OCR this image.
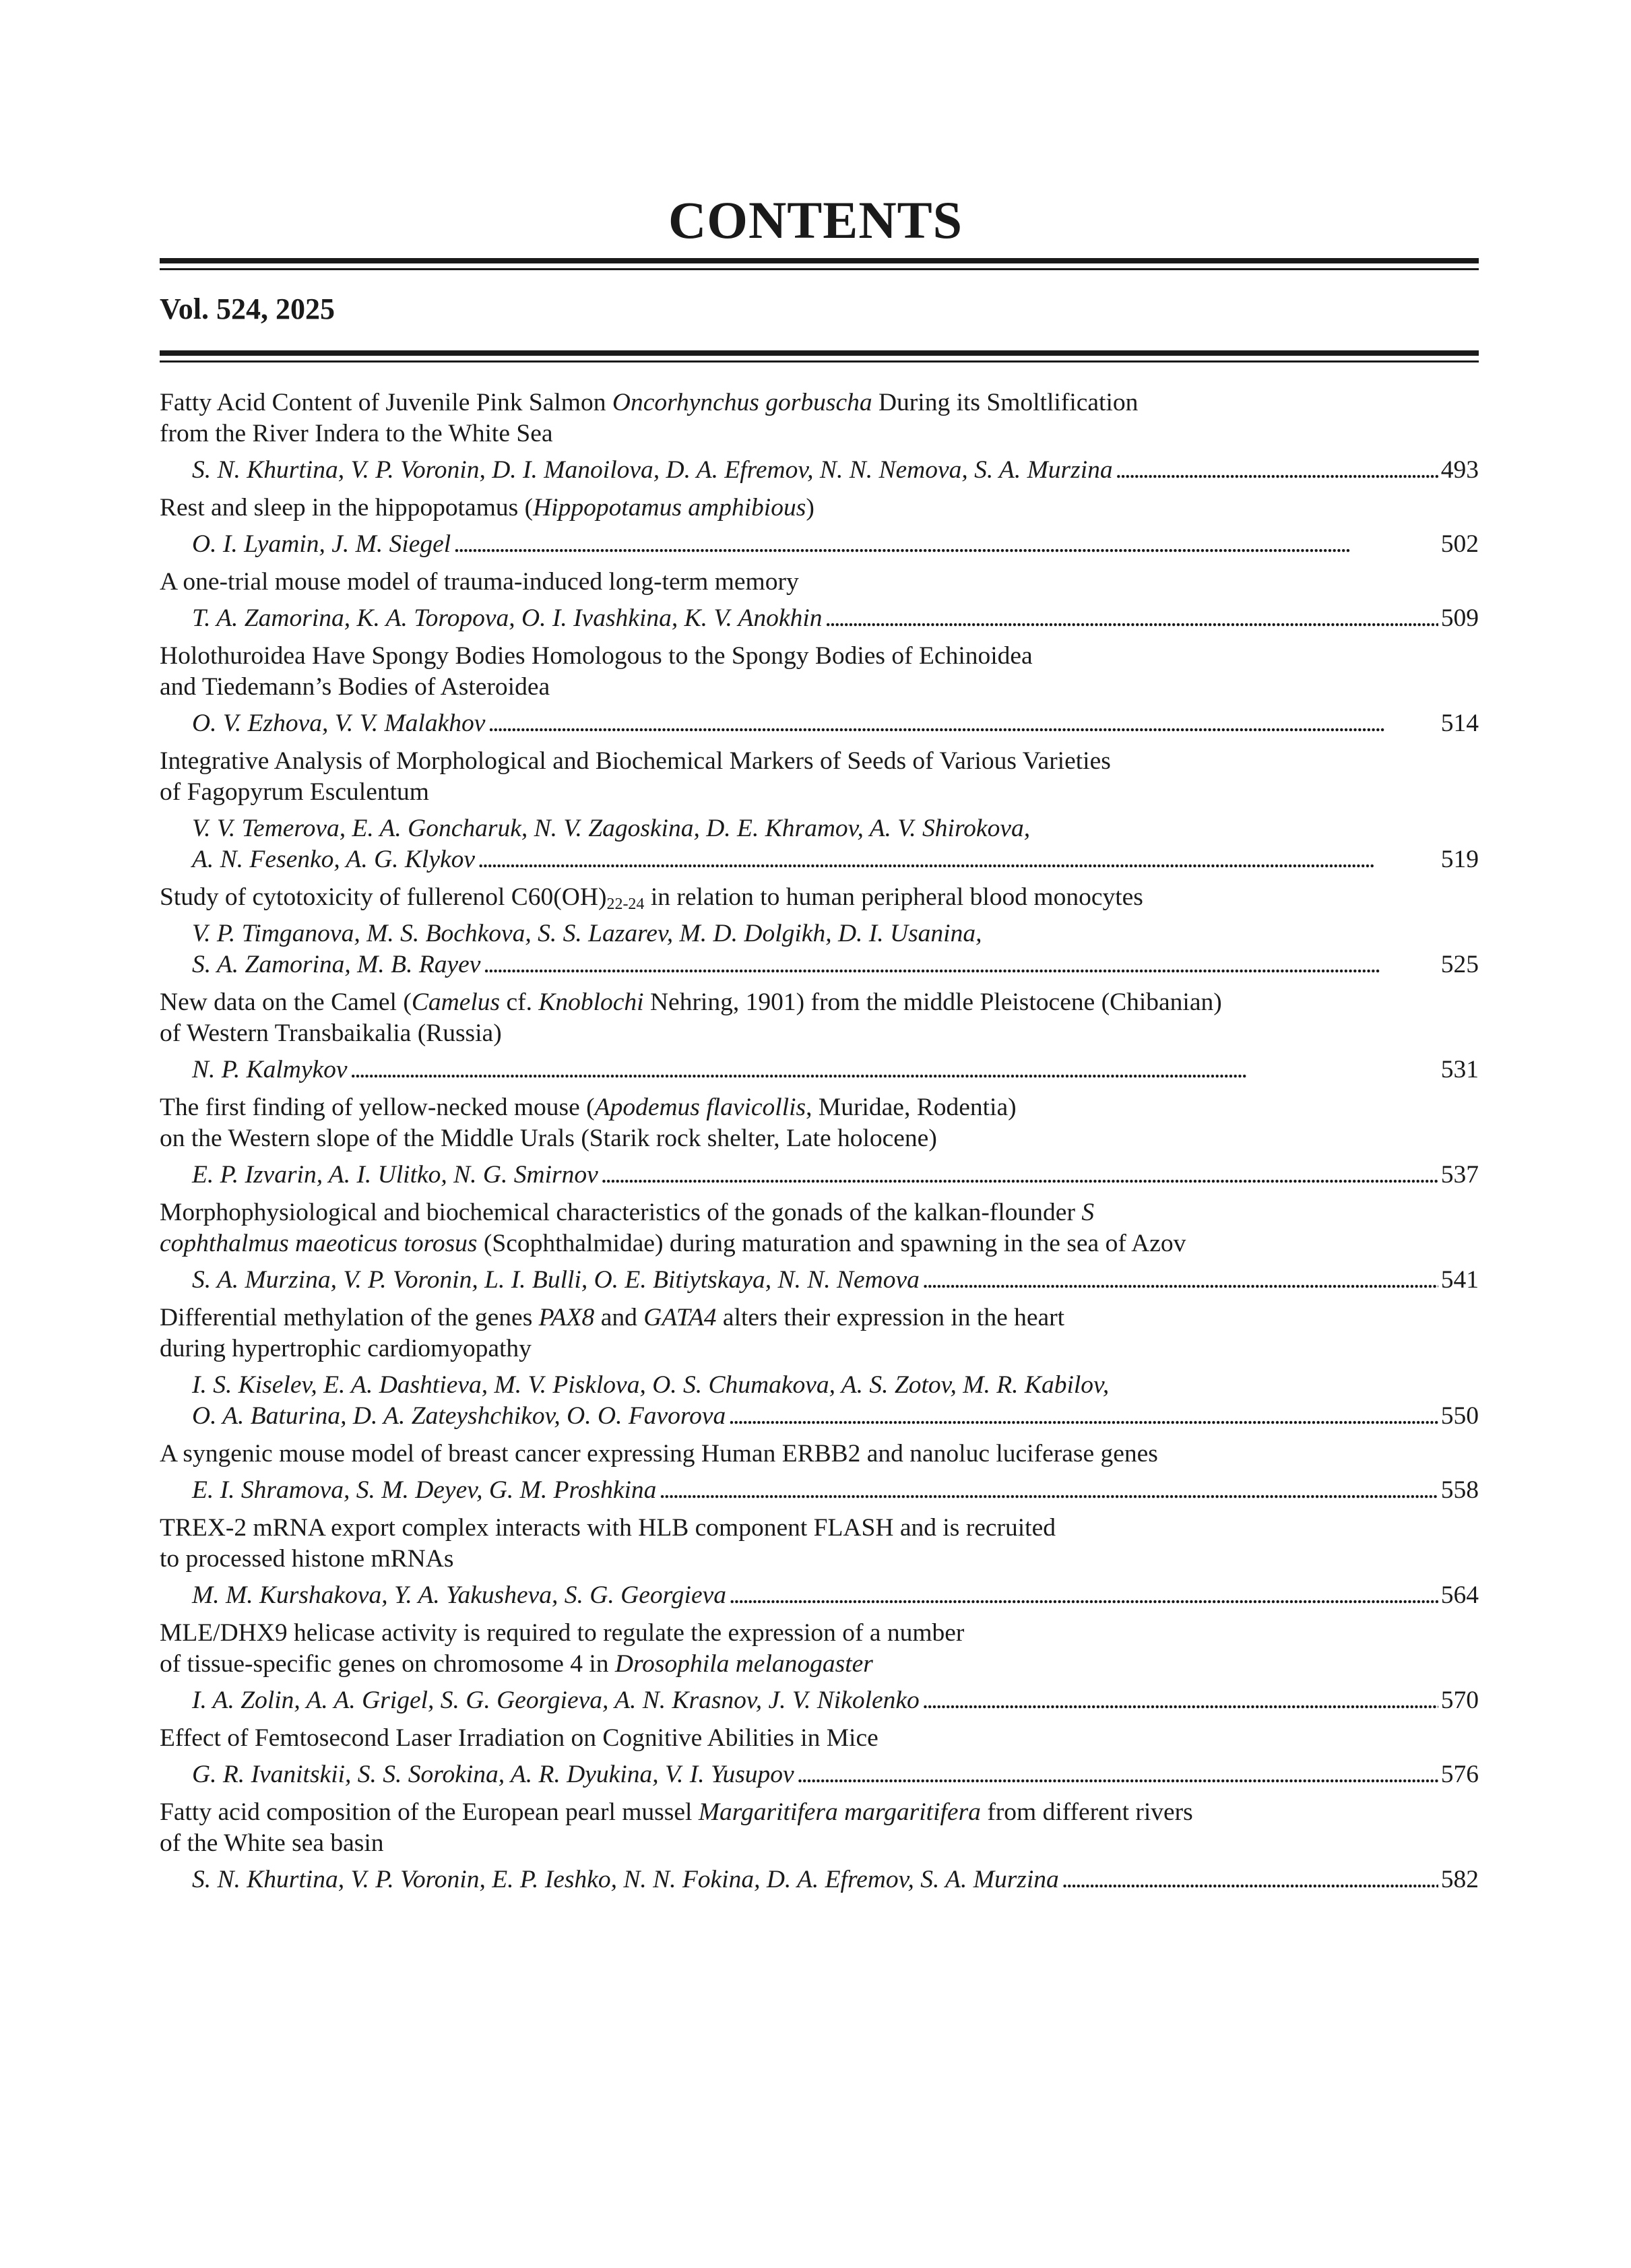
CONTENTS
Vol. 524, 2025
Fatty Acid Content of Juvenile Pink Salmon Oncorhynchus gorbuscha During its Smoltlification
from the River Indera to the White Sea
S. N. Khurtina, V. P. Voronin, D. I. Manoilova, D. A. Efremov, N. N. Nemova, S. A. Murzina . . .	493
Rest and sleep in the hippopotamus (Hippopotamus amphibious)
O. I. Lyamin, J. M. Siegel . . .	502
A one-trial mouse model of trauma-induced long-term memory
T. A. Zamorina, K. A. Toropova, O. I. Ivashkina, K. V. Anokhin . . .	509
Holothuroidea Have Spongy Bodies Homologous to the Spongy Bodies of Echinoidea
and Tiedemann’s Bodies of Asteroidea
O. V. Ezhova, V. V. Malakhov . . .	514
Integrative Analysis of Morphological and Biochemical Markers of Seeds of Various Varieties
of Fagopyrum Esculentum
V. V. Temerova, E. A. Goncharuk, N. V. Zagoskina, D. E. Khramov, A. V. Shirokova,
A. N. Fesenko, A. G. Klykov . . .	519
Study of cytotoxicity of fullerenol $C60(OH)_{22-24}$ in relation to human peripheral blood monocytes
V. P. Timganova, M. S. Bochkova, S. S. Lazarev, M. D. Dolgikh, D. I. Usanina,
S. A. Zamorina, M. B. Rayev . . .	525
New data on the Camel (Camelus cf. Knoblochi Nehring, 1901) from the middle Pleistocene (Chibanian)
of Western Transbaikalia (Russia)
N. P. Kalmykov . . .	531
The first finding of yellow-necked mouse (Apodemus flavicollis, Muridae, Rodentia)
on the Western slope of the Middle Urals (Starik rock shelter, Late holocene)
E. P. Izvarin, A. I. Ulitko, N. G. Smirnov . . .	537
Morphophysiological and biochemical characteristics of the gonads of the kalkan-flounder S
cophthalmus maeoticus torosus (Scophthalmidae) during maturation and spawning in the sea of Azov
S. A. Murzina, V. P. Voronin, L. I. Bulli, O. E. Bitiytskaya, N. N. Nemova . . .	541
Differential methylation of the genes PAX8 and GATA4 alters their expression in the heart
during hypertrophic cardiomyopathy
I. S. Kiselev, E. A. Dashtieva, M. V. Pisklova, O. S. Chumakova, A. S. Zotov, M. R. Kabilov,
O. A. Baturina, D. A. Zateyshchikov, O. O. Favorova . . .	550
A syngenic mouse model of breast cancer expressing Human ERBB2 and nanoluc luciferase genes
E. I. Shramova, S. M. Deyev, G. M. Proshkina . . .	558
TREX-2 mRNA export complex interacts with HLB component FLASH and is recruited
to processed histone mRNAs
M. M. Kurshakova, Y. A. Yakusheva, S. G. Georgieva . . .	564
MLE/DHX9 helicase activity is required to regulate the expression of a number
of tissue-specific genes on chromosome 4 in Drosophila melanogaster
I. A. Zolin, A. A. Grigel, S. G. Georgieva, A. N. Krasnov, J. V. Nikolenko . . .	570
Effect of Femtosecond Laser Irradiation on Cognitive Abilities in Mice
G. R. Ivanitskii, S. S. Sorokina, A. R. Dyukina, V. I. Yusupov . . .	576
Fatty acid composition of the European pearl mussel Margaritifera margaritifera from different rivers
of the White sea basin
S. N. Khurtina, V. P. Voronin, E. P. Ieshko, N. N. Fokina, D. A. Efremov, S. A. Murzina . . .	582
